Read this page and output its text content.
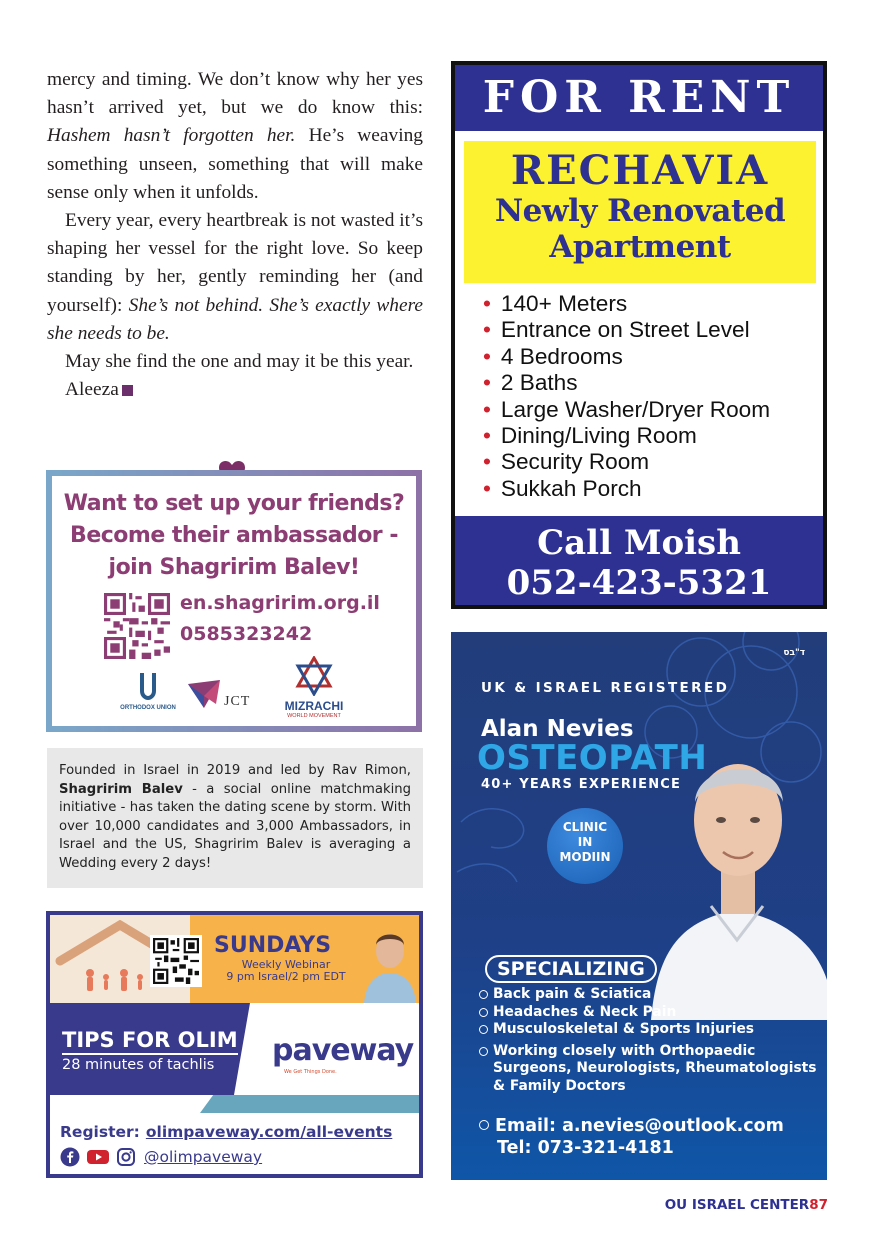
mercy and timing. We don’t know why her yes hasn’t arrived yet, but we do know this: Hashem hasn’t forgotten her. He’s weaving something unseen, something that will make sense only when it unfolds.

Every year, every heartbreak is not wasted it’s shaping her vessel for the right love. So keep standing by her, gently reminding her (and yourself): She’s not behind. She’s exactly where she needs to be.

May she find the one and may it be this year.

Aleeza

Want to set up your friends? Become their ambassador - join Shagririm Balev!
en.shagririm.org.il
0585323242
ORTHODOX UNION	JCT	MIZRACHI
WORLD MOVEMENT
Founded in Israel in 2019 and led by Rav Rimon, Shagririm Balev - a social online matchmaking initiative - has taken the dating scene by storm. With over 10,000 candidates and 3,000 Ambassadors, in Israel and the US, Shagririm Balev is averaging a Wedding every 2 days!
SUNDAYS
Weekly Webinar
9 pm Israel/2 pm EDT
TIPS FOR OLIM
28 minutes of tachlis paveway
We Get Things Done.
Register: olimpaveway.com/all-events
@olimpaveway
FOR RENT
RECHAVIA
Newly Renovated
Apartment
• 140+ Meters
• Entrance on Street Level
• 4 Bedrooms
• 2 Baths
• Large Washer/Dryer Room
• Dining/Living Room
• Security Room
• Sukkah Porch
Call Moish
052-423-5321
ד"בס
UK & ISRAEL REGISTERED
Alan Nevies
OSTEOPATH
40+ YEARS EXPERIENCE
CLINIC
IN
MODIIN
SPECIALIZING
Back pain & Sciatica
Headaches & Neck Pain
Musculoskeletal & Sports Injuries
Working closely with Orthopaedic Surgeons, Neurologists, Rheumatologists & Family Doctors
Email: a.nevies@outlook.com
Tel: 073-321-4181
OU ISRAEL CENTER87
